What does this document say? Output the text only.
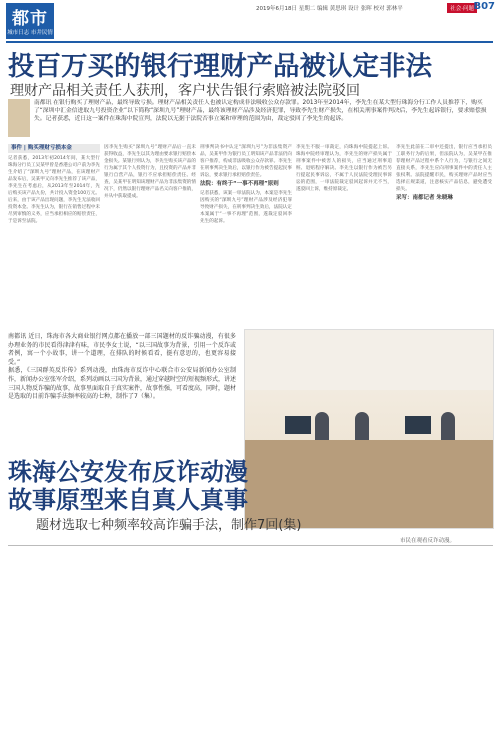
都市
城市日志 市井民情
2019年6月18日 星期二 编辑 黄思琪 设计 张晖 校对 郭林平	社会·问题 B07
投百万买的银行理财产品被认定非法
理财产品相关责任人获刑，客户状告银行索赔被法院驳回
南都讯 在银行购买了理财产品，最终导致亏损。理财产品相关责任人也被认定构成非法吸收公众存款罪。2013年至2014年，李先生在某大型行珠海分行工作人员推荐下，购买了“深圳中汇金信进取九号投资企业”以下简称“深圳九号”理财产品，最终该理财产品涉及经济犯罪，导致李先生财产损失，在相关刑事案件判决后，李先生起诉银行，要求赔偿损失。记者获悉，近日这一案件在珠海中院宣判，法院以无据于法院否事立案和审理的范围为由，裁定驳回了李先生的起诉。
事件 | 购买理财亏损本金
记者获悉，2013年初2014年间，某大型行珠海分行员工吴某甲曾是香港公司户前为李先生介绍了“深圳九号”理财产品，在该理财产品发布后，吴某甲又向李先生推荐了该产品，李先生在考虑后，从2013年至2014年，先后购买该产品九份，共计投入资金100万元。后来，由于该产品出现问题，李先生无法收回投资本金。李先生认为，银行在销售过程中未尽到审慎的义务，应当承担相应的赔偿责任，于是诉至法院。
因李先生购买“深圳九号”理财产品后一直未获得收益，李先生以其为理由要求银行赔偿本金损失。某银行则认为，李先生购买该产品的行为属于其个人投资行为，且投资的产品并非银行自营产品，银行不应承担赔偿责任。经查，吴某甲在明知该理财产品为非法集资的情况下，仍然以银行理财产品名义向客户推销，并从中获取提成。
刑事判决书中认定“深圳九号”为非法集资产品，吴某甲作为银行员工明知该产品非法仍向客户推荐，构成非法吸收公众存款罪。李先生在刑事判决生效后，以银行作为被告提起民事诉讼，要求银行承担赔偿责任。
法院：有终于“一事不再理”原则
记者获悉，该案一审法院认为，本案是李先生因购买的“深圳九号”理财产品涉及经济犯罪导致财产损失，在刑事判决生效后，法院认定本案属于“一事不再理”范围，遂裁定驳回李先生的起诉。
李先生不服一审裁定，向珠海中院提起上诉。珠海中院经审理认为，李先生的财产损失属于刑事案件中被害人的损失，应当通过刑事追赃、退赔程序解决。李先生以银行作为被告另行提起民事诉讼，不属于人民法院受理民事诉讼的范围，一审法院裁定驳回起诉并无不当，遂驳回上诉，维持原裁定。
李先生此前在二审中还提出，银行应当承担员工职务行为的后果，但法院认为，吴某甲在推荐理财产品过程中系个人行为，与银行之间无直接关系，李先生应向刑事案件中的责任人主张权利。法院提醒市民，购买理财产品时应当选择正规渠道，注意核实产品信息，避免遭受损失。
采写：南都记者 朱晓琳
南都讯 近日，珠海市各大商业银行网点都在播放一部三国题材的反诈骗动漫，有很多办理业务的市民看得津津有味，市民李女士说，“以三国故事为背景，引用一个反诈或者例，寓一个小故事，讲一个道理，在排队的时候看看，挺有意思的，也更容易接受。”
据悉，《三国群英反诈传》系列动漫，由珠海市反诈中心联合市公安局新闻办公室制作，新闻办公室张军介绍，系列动画以三国为背景，通过穿越时空的短视频形式，讲述三国人物反诈骗的故事，故事里面取自于真实案件，故事性强，可看度高，同时，题材是选取的目前诈骗手法频率较高的七种，制作了7（集）。
珠海公安发布反诈动漫
故事原型来自真人真事
题材选取七种频率较高诈骗手法，制作7回(集)
市民在观看反诈动漫。
